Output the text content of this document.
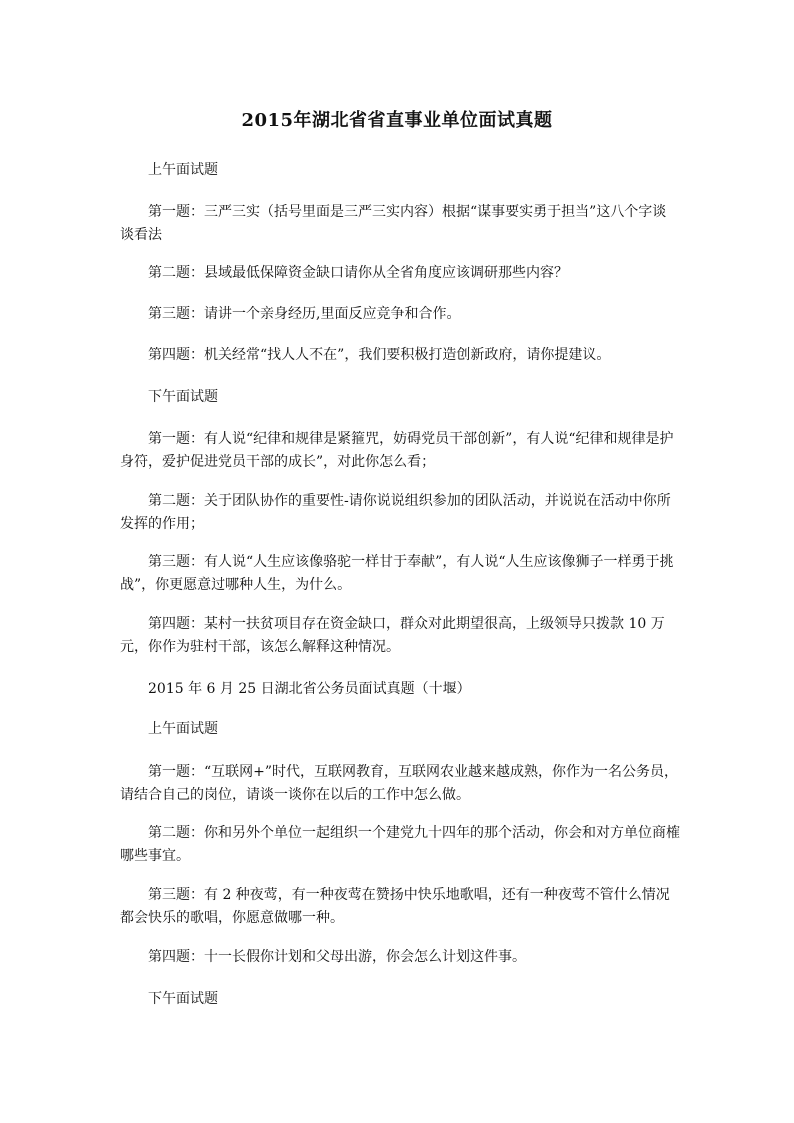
2015年湖北省省直事业单位面试真题
上午面试题

第一题：三严三实（括号里面是三严三实内容）根据“谋事要实勇于担当”这八个字谈谈看法

第二题：县域最低保障资金缺口请你从全省角度应该调研那些内容？

第三题：请讲一个亲身经历,里面反应竞争和合作。

第四题：机关经常“找人人不在”，我们要积极打造创新政府，请你提建议。

下午面试题

第一题：有人说“纪律和规律是紧箍咒，妨碍党员干部创新”，有人说“纪律和规律是护身符，爱护促进党员干部的成长”，对此你怎么看；

第二题：关于团队协作的重要性-请你说说组织参加的团队活动，并说说在活动中你所发挥的作用；

第三题：有人说“人生应该像骆驼一样甘于奉献”，有人说“人生应该像狮子一样勇于挑战”，你更愿意过哪种人生，为什么。

第四题：某村一扶贫项目存在资金缺口，群众对此期望很高，上级领导只拨款 10 万元，你作为驻村干部，该怎么解释这种情况。

2015 年 6 月 25 日湖北省公务员面试真题（十堰）
上午面试题

第一题：“互联网+”时代，互联网教育，互联网农业越来越成熟，你作为一名公务员，请结合自己的岗位，请谈一谈你在以后的工作中怎么做。

第二题：你和另外个单位一起组织一个建党九十四年的那个活动，你会和对方单位商榷哪些事宜。

第三题：有 2 种夜莺，有一种夜莺在赞扬中快乐地歌唱，还有一种夜莺不管什么情况都会快乐的歌唱，你愿意做哪一种。

第四题：十一长假你计划和父母出游，你会怎么计划这件事。

下午面试题
